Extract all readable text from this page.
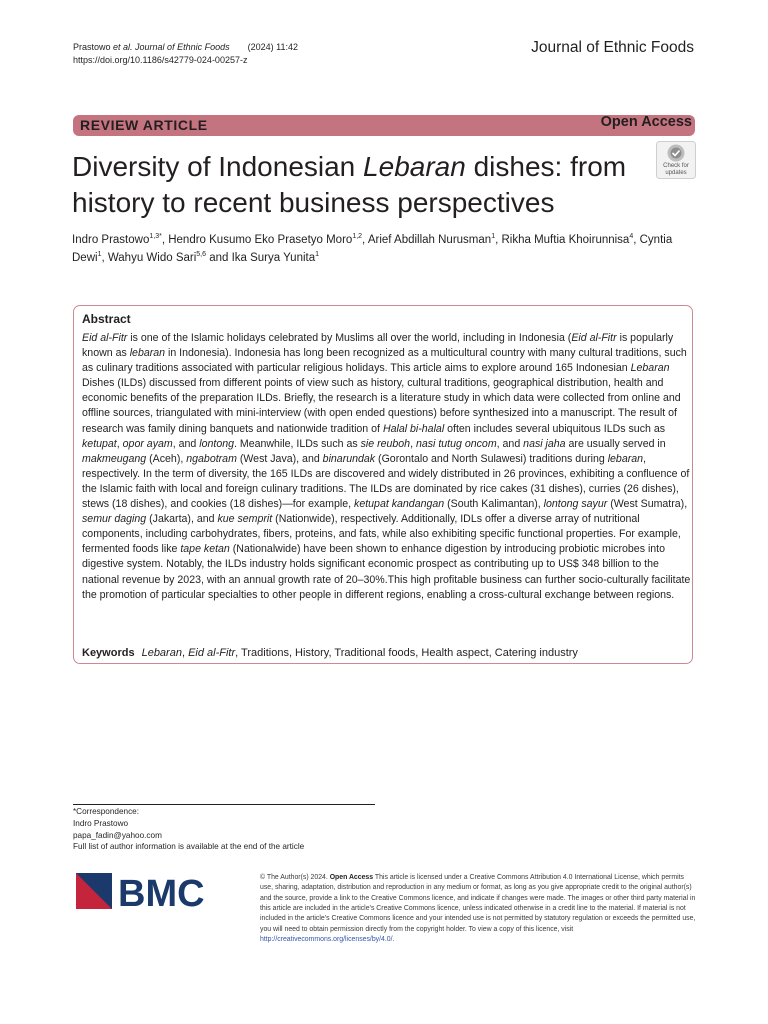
Prastowo et al. Journal of Ethnic Foods (2024) 11:42
https://doi.org/10.1186/s42779-024-00257-z
Journal of Ethnic Foods
REVIEW ARTICLE	Open Access
Diversity of Indonesian Lebaran dishes: from history to recent business perspectives
Check for
updates
Indro Prastowo$^{1,3*}$, Hendro Kusumo Eko Prasetyo Moro$^{1,2}$, Arief Abdillah Nurusman$^1$, Rikha Muftia Khoirunnisa$^4$, Cyntia Dewi$^1$, Wahyu Wido Sari$^{5,6}$ and Ika Surya Yunita$^1$
Abstract
Eid al-Fitr is one of the Islamic holidays celebrated by Muslims all over the world, including in Indonesia (Eid al-Fitr is popularly known as lebaran in Indonesia). Indonesia has long been recognized as a multicultural country with many cultural traditions, such as culinary traditions associated with particular religious holidays. This article aims to explore around 165 Indonesian Lebaran Dishes (ILDs) discussed from different points of view such as history, cultural traditions, geographical distribution, health and economic benefits of the preparation ILDs. Briefly, the research is a literature study in which data were collected from online and offline sources, triangulated with mini-interview (with open ended questions) before synthesized into a manuscript. The result of research was family dining banquets and nationwide tradition of Halal bi-halal often includes several ubiquitous ILDs such as ketupat, opor ayam, and lontong. Meanwhile, ILDs such as sie reuboh, nasi tutug oncom, and nasi jaha are usually served in makmeugang (Aceh), ngabotram (West Java), and binarundak (Gorontalo and North Sulawesi) traditions during lebaran, respectively. In the term of diversity, the 165 ILDs are discovered and widely distributed in 26 provinces, exhibiting a confluence of the Islamic faith with local and foreign culinary traditions. The ILDs are dominated by rice cakes (31 dishes), curries (26 dishes), stews (18 dishes), and cookies (18 dishes)—for example, ketupat kandangan (South Kalimantan), lontong sayur (West Sumatra), semur daging (Jakarta), and kue semprit (Nationwide), respectively. Additionally, IDLs offer a diverse array of nutritional components, including carbohydrates, fibers, proteins, and fats, while also exhibiting specific functional properties. For example, fermented foods like tape ketan (Nationalwide) have been shown to enhance digestion by introducing probiotic microbes into digestive system. Notably, the ILDs industry holds significant economic prospect as contributing up to US$ 348 billion to the national revenue by 2023, with an annual growth rate of 20–30%.This high profitable business can further socio-culturally facilitate the promotion of particular specialties to other people in different regions, enabling a cross-cultural exchange between regions.
Keywords Lebaran, Eid al-Fitr, Traditions, History, Traditional foods, Health aspect, Catering industry
*Correspondence:
Indro Prastowo
papa_fadin@yahoo.com
Full list of author information is available at the end of the article
BMC	© The Author(s) 2024. Open Access This article is licensed under a Creative Commons Attribution 4.0 International License, which permits use, sharing, adaptation, distribution and reproduction in any medium or format, as long as you give appropriate credit to the original author(s) and the source, provide a link to the Creative Commons licence, and indicate if changes were made. The images or other third party material in this article are included in the article’s Creative Commons licence, unless indicated otherwise in a credit line to the material. If material is not included in the article’s Creative Commons licence and your intended use is not permitted by statutory regulation or exceeds the permitted use, you will need to obtain permission directly from the copyright holder. To view a copy of this licence, visit http://creativecommons.org/licenses/by/4.0/.
